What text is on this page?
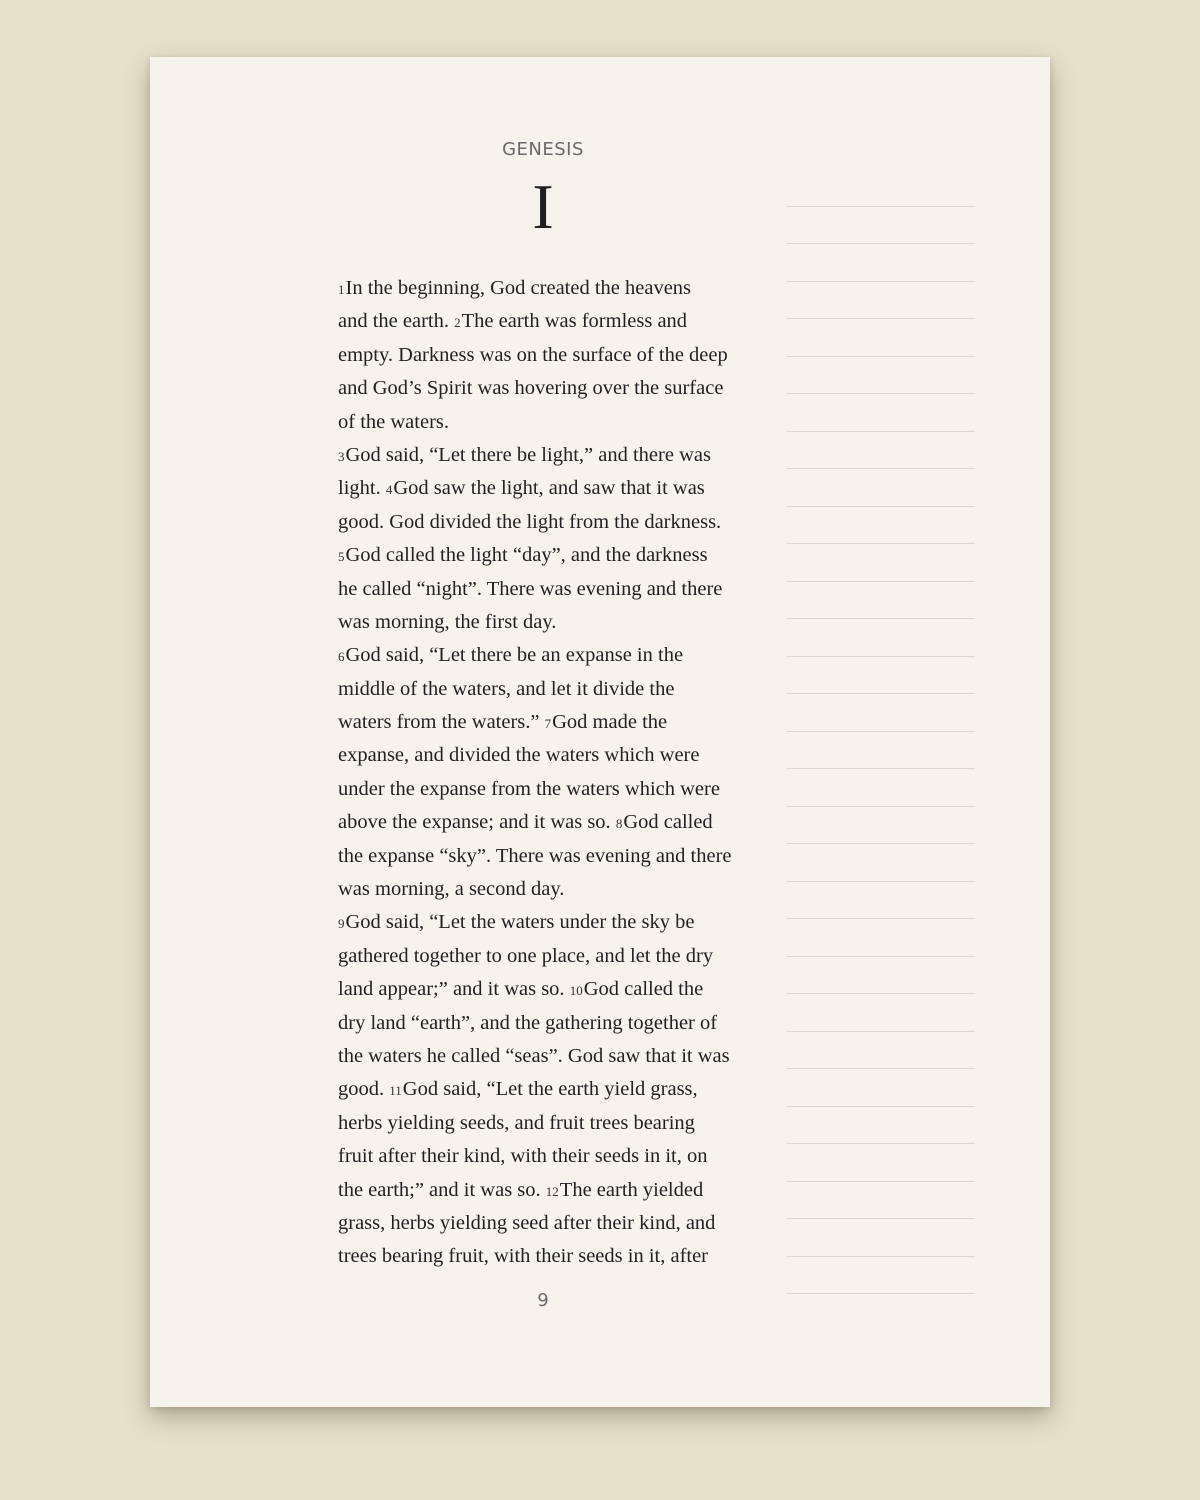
GENESIS
I
1In the beginning, God created the heavens
and the earth. 2The earth was formless and
empty. Darkness was on the surface of the deep
and God’s Spirit was hovering over the surface
of the waters.
3God said, “Let there be light,” and there was
light. 4God saw the light, and saw that it was
good. God divided the light from the darkness.
5God called the light “day”, and the darkness
he called “night”. There was evening and there
was morning, the first day.
6God said, “Let there be an expanse in the
middle of the waters, and let it divide the
waters from the waters.” 7God made the
expanse, and divided the waters which were
under the expanse from the waters which were
above the expanse; and it was so. 8God called
the expanse “sky”. There was evening and there
was morning, a second day.
9God said, “Let the waters under the sky be
gathered together to one place, and let the dry
land appear;” and it was so. 10God called the
dry land “earth”, and the gathering together of
the waters he called “seas”. God saw that it was
good. 11God said, “Let the earth yield grass,
herbs yielding seeds, and fruit trees bearing
fruit after their kind, with their seeds in it, on
the earth;” and it was so. 12The earth yielded
grass, herbs yielding seed after their kind, and
trees bearing fruit, with their seeds in it, after
9
